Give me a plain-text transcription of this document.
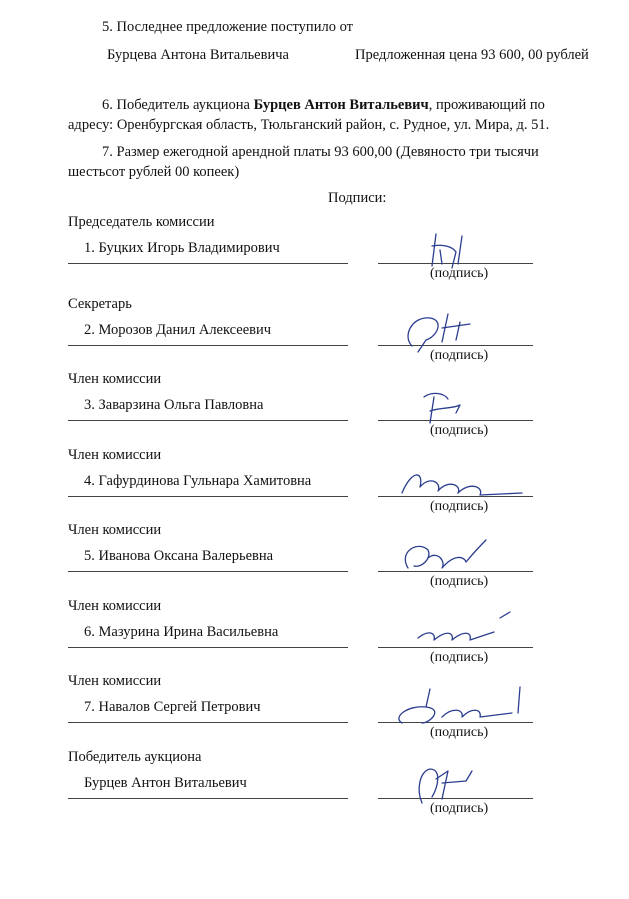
5. Последнее предложение поступило от
Бурцева Антона Витальевича	Предложенная цена 93 600, 00 рублей
6. Победитель аукциона Бурцев Антон Витальевич, проживающий по
адресу: Оренбургская область, Тюльганский район, с. Рудное, ул. Мира, д. 51.
7. Размер ежегодной арендной платы 93 600,00 (Девяносто три тысячи
шестьсот рублей 00 копеек)
Подписи:
Председатель комиссии
1. Буцких Игорь Владимирович
(подпись)
Секретарь
2. Морозов Данил Алексеевич
(подпись)
Член комиссии
3. Заварзина Ольга Павловна
(подпись)
Член комиссии
4. Гафурдинова Гульнара Хамитовна
(подпись)
Член комиссии
5. Иванова Оксана Валерьевна
(подпись)
Член комиссии
6. Мазурина Ирина Васильевна
(подпись)
Член комиссии
7. Навалов Сергей Петрович
(подпись)
Победитель аукциона
Бурцев Антон Витальевич
(подпись)
